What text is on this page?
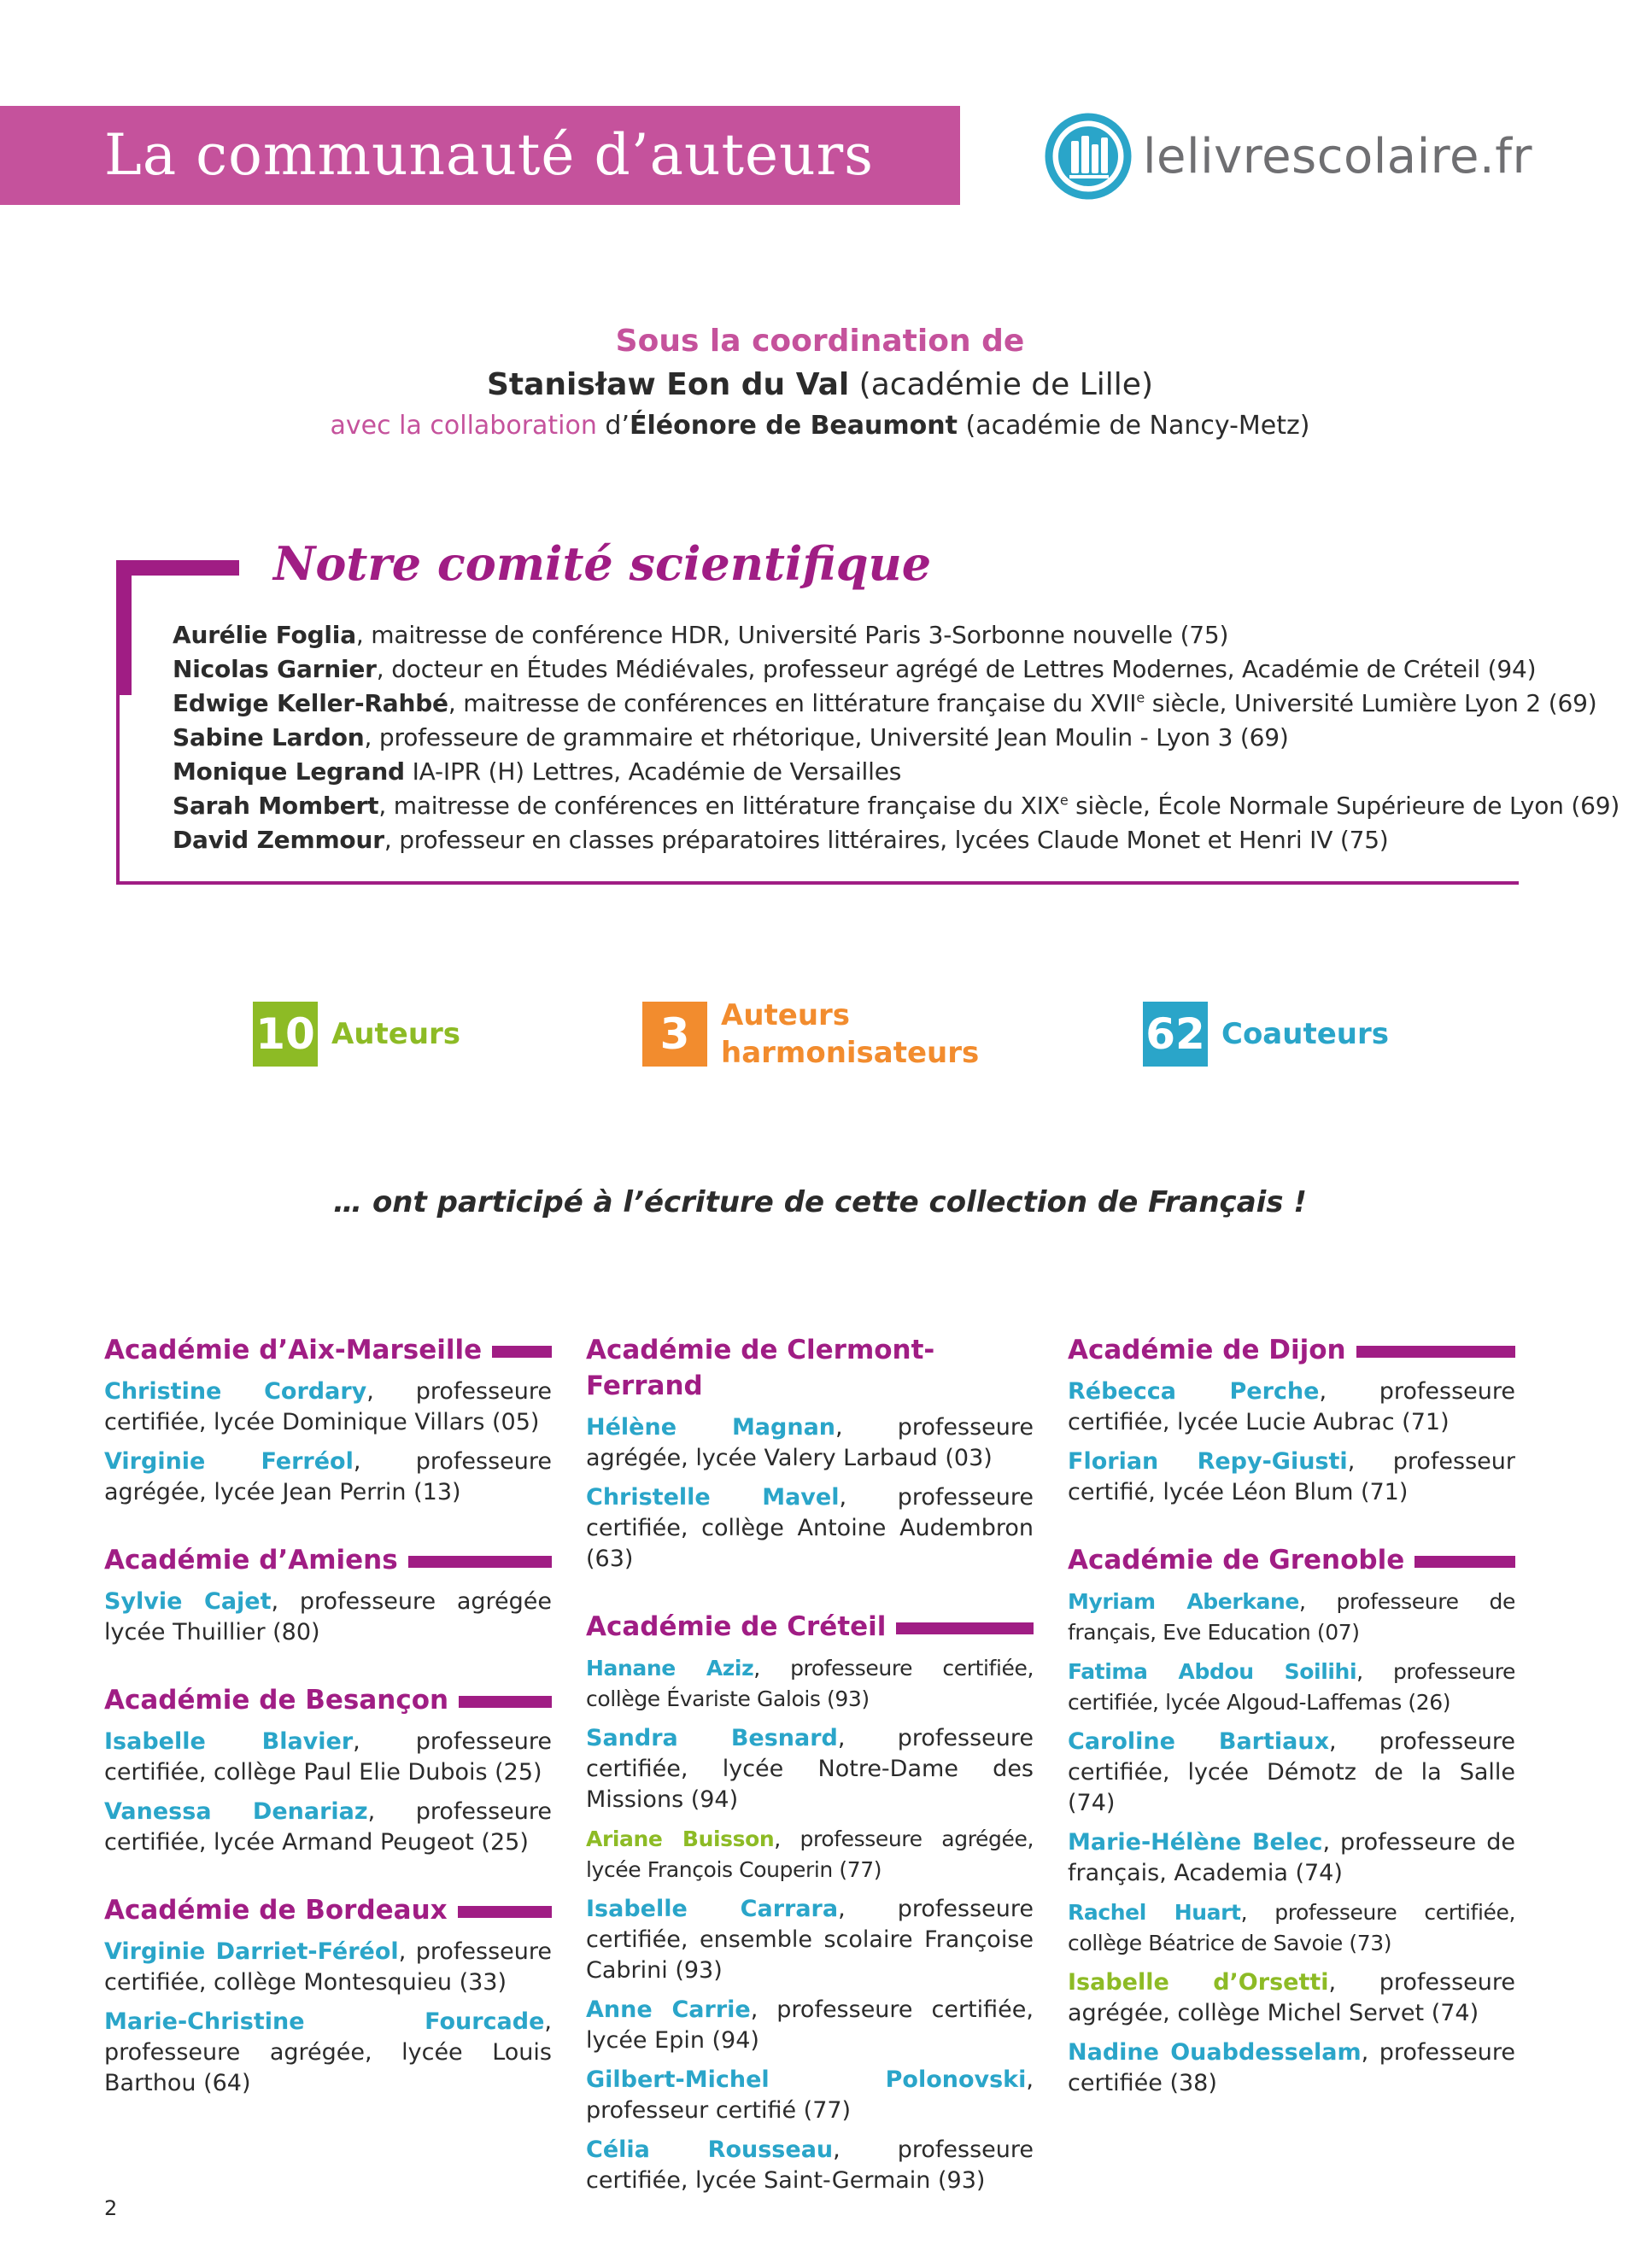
La communauté d’auteurs	lelivrescolaire.fr
Sous la coordination de
Stanisław Eon du Val (académie de Lille)
avec la collaboration d’Éléonore de Beaumont (académie de Nancy-Metz)
Notre comité scientifique
Aurélie Foglia, maitresse de conférence HDR, Université Paris 3-Sorbonne nouvelle (75)
Nicolas Garnier, docteur en Études Médiévales, professeur agrégé de Lettres Modernes, Académie de Créteil (94)
Edwige Keller-Rahbé, maitresse de conférences en littérature française du XVIIe siècle, Université Lumière Lyon 2 (69)
Sabine Lardon, professeure de grammaire et rhétorique, Université Jean Moulin - Lyon 3 (69)
Monique Legrand IA-IPR (H) Lettres, Académie de Versailles
Sarah Mombert, maitresse de conférences en littérature française du XIXe siècle, École Normale Supérieure de Lyon (69)
David Zemmour, professeur en classes préparatoires littéraires, lycées Claude Monet et Henri IV (75)
10 Auteurs	3	Auteurs
harmonisateurs	62 Coauteurs
… ont participé à l’écriture de cette collection de Français !
Académie d’Aix-Marseille
Christine Cordary, professeure certifiée, lycée Dominique Villars (05)
Virginie Ferréol, professeure agrégée, lycée Jean Perrin (13)
Académie d’Amiens
Sylvie Cajet, professeure agrégée lycée Thuillier (80)
Académie de Besançon
Isabelle Blavier, professeure certifiée, collège Paul Elie Dubois (25)
Vanessa Denariaz, professeure certifiée, lycée Armand Peugeot (25)
Académie de Bordeaux
Virginie Darriet-Féréol, professeure certifiée, collège Montesquieu (33)
Marie-Christine Fourcade, professeure agrégée, lycée Louis Barthou (64)
Académie de Clermont-Ferrand
Hélène Magnan, professeure agrégée, lycée Valery Larbaud (03)
Christelle Mavel, professeure certifiée, collège Antoine Audembron (63)
Académie de Créteil
Hanane Aziz, professeure certifiée, collège Évariste Galois (93)
Sandra Besnard, professeure certifiée, lycée Notre-Dame des Missions (94)
Ariane Buisson, professeure agrégée, lycée François Couperin (77)
Isabelle Carrara, professeure certifiée, ensemble scolaire Françoise Cabrini (93)
Anne Carrie, professeure certifiée, lycée Epin (94)
Gilbert-Michel Polonovski, professeur certifié (77)
Célia Rousseau, professeure certifiée, lycée Saint-Germain (93)
Académie de Dijon
Rébecca Perche, professeure certifiée, lycée Lucie Aubrac (71)
Florian Repy-Giusti, professeur certifié, lycée Léon Blum (71)
Académie de Grenoble
Myriam Aberkane, professeure de français, Eve Education (07)
Fatima Abdou Soilihi, professeure certifiée, lycée Algoud-Laffemas (26)
Caroline Bartiaux, professeure certifiée, lycée Démotz de la Salle (74)
Marie-Hélène Belec, professeure de français, Academia (74)
Rachel Huart, professeure certifiée, collège Béatrice de Savoie (73)
Isabelle d’Orsetti, professeure agrégée, collège Michel Servet (74)
Nadine Ouabdesselam, professeure certifiée (38)
2
